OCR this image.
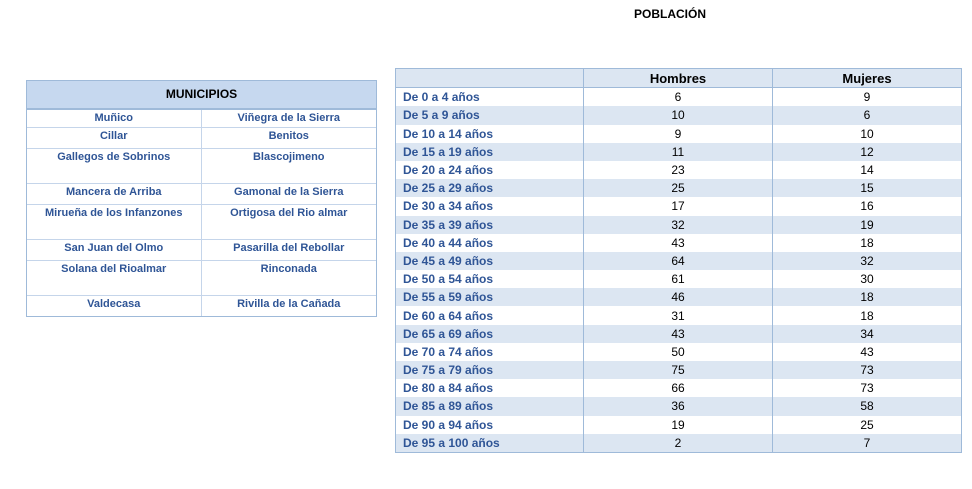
POBLACIÓN
MUNICIPIOS
Muñico	Viñegra de la Sierra
Cillar	Benitos
Gallegos de Sobrinos	Blascojimeno
Mancera de Arriba	Gamonal de la Sierra
Mirueña de los Infanzones	Ortigosa del Rio almar
San Juan del Olmo	Pasarilla del Rebollar
Solana del Rioalmar	Rinconada
Valdecasa	Rivilla de la Cañada
	Hombres	Mujeres
De 0 a 4 años	6	9
De 5 a 9 años	10	6
De 10 a 14 años	9	10
De 15 a 19 años	11	12
De 20 a 24 años	23	14
De 25 a 29 años	25	15
De 30 a 34 años	17	16
De 35 a 39 años	32	19
De 40 a 44 años	43	18
De 45 a 49 años	64	32
De 50 a 54 años	61	30
De 55 a 59 años	46	18
De 60 a 64 años	31	18
De 65 a 69 años	43	34
De 70 a 74 años	50	43
De 75 a 79 años	75	73
De 80 a 84 años	66	73
De 85 a 89 años	36	58
De 90 a 94 años	19	25
De 95 a 100 años	2	7
